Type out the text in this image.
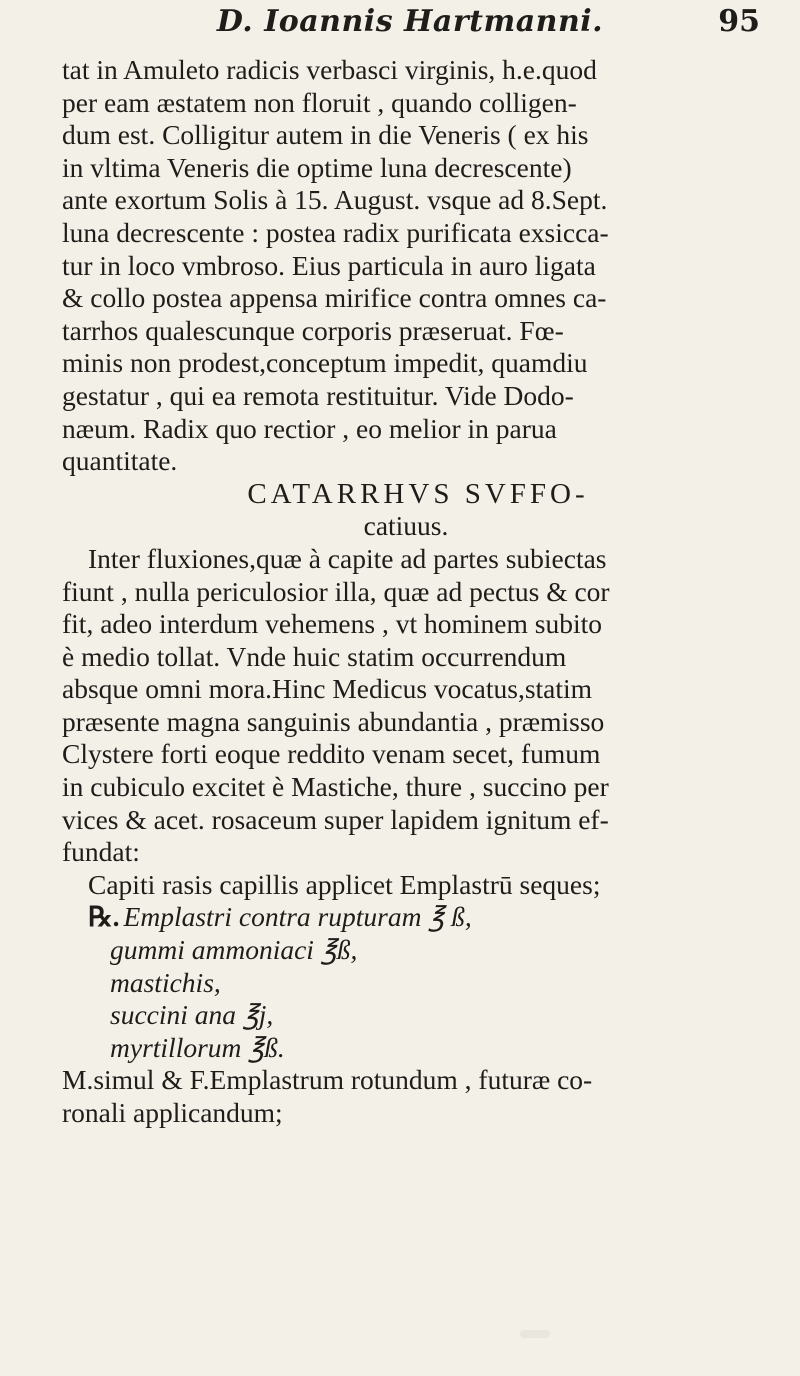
D. Ioannis Hartmanni.	95
tat in Amuleto radicis verbasci virginis, h.e.quod
per eam æstatem non floruit , quando colligen-
dum est. Colligitur autem in die Veneris ( ex his
in vltima Veneris die optime luna decrescente)
ante exortum Solis à 15. August. vsque ad 8.Sept.
luna decrescente : postea radix purificata exsicca-
tur in loco vmbroso. Eius particula in auro ligata
& collo postea appensa mirifice contra omnes ca-
tarrhos qualescunque corporis præseruat. Fœ-
minis non prodest,conceptum impedit, quamdiu
gestatur , qui ea remota restituitur. Vide Dodo-
næum. Radix quo rectior , eo melior in parua
quantitate.
CATARRHVS SVFFO-
catiuus.
Inter fluxiones,quæ à capite ad partes subiectas
fiunt , nulla periculosior illa, quæ ad pectus & cor
fit, adeo interdum vehemens , vt hominem subito
è medio tollat. Vnde huic statim occurrendum
absque omni mora.Hinc Medicus vocatus,statim
præsente magna sanguinis abundantia , præmisso
Clystere forti eoque reddito venam secet, fumum
in cubiculo excitet è Mastiche, thure , succino per
vices & acet. rosaceum super lapidem ignitum ef-
fundat:
Capiti rasis capillis applicet Emplastrū seques;
℞. Emplastri contra rupturam ℥ ß,
gummi ammoniaci ℥ß,
mastichis,
succini ana ℥j,
myrtillorum ℥ß.
M.simul & F.Emplastrum rotundum , futuræ co-
ronali applicandum;
